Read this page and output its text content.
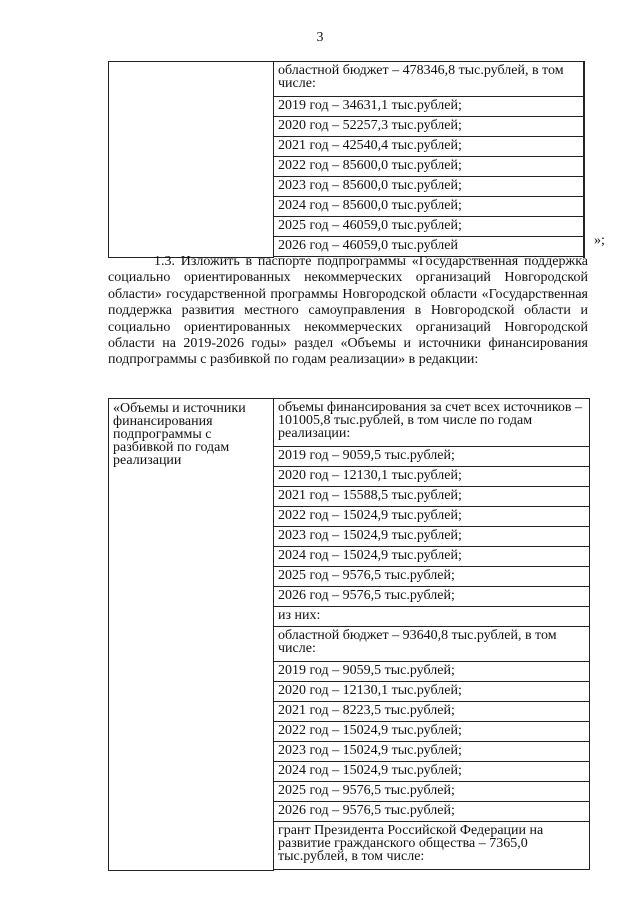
3

областной бюджет – 478346,8 тыс.рублей, в том числе:
2019 год – 34631,1 тыс.рублей;
2020 год – 52257,3 тыс.рублей;
2021 год – 42540,4 тыс.рублей;
2022 год – 85600,0 тыс.рублей;
2023 год – 85600,0 тыс.рублей;
2024 год – 85600,0 тыс.рублей;
2025 год – 46059,0 тыс.рублей;
2026 год – 46059,0 тыс.рублей
		»;

1.3. Изложить в паспорте подпрограммы «Государственная поддержка социально ориентированных некоммерческих организаций Новгородской области» государственной программы Новгородской области «Государственная поддержка развития местного самоуправления в Новгородской области и социально ориентированных некоммерческих организаций Новгородской области на 2019-2026 годы» раздел «Объемы и источники финансирования подпрограммы с разбивкой по годам реализации» в редакции:

«Объемы и источники финансирования подпрограммы с разбивкой по годам реализации	
объемы финансирования за счет всех источников – 101005,8 тыс.рублей, в том числе по годам реализации:
2019 год – 9059,5 тыс.рублей;
2020 год – 12130,1 тыс.рублей;
2021 год – 15588,5 тыс.рублей;
2022 год – 15024,9 тыс.рублей;
2023 год – 15024,9 тыс.рублей;
2024 год – 15024,9 тыс.рублей;
2025 год – 9576,5 тыс.рублей;
2026 год – 9576,5 тыс.рублей;
из них:
областной бюджет – 93640,8 тыс.рублей, в том числе:
2019 год – 9059,5 тыс.рублей;
2020 год – 12130,1 тыс.рублей;
2021 год – 8223,5 тыс.рублей;
2022 год – 15024,9 тыс.рублей;
2023 год – 15024,9 тыс.рублей;
2024 год – 15024,9 тыс.рублей;
2025 год – 9576,5 тыс.рублей;
2026 год – 9576,5 тыс.рублей;
грант Президента Российской Федерации на развитие гражданского общества – 7365,0 тыс.рублей, в том числе:
